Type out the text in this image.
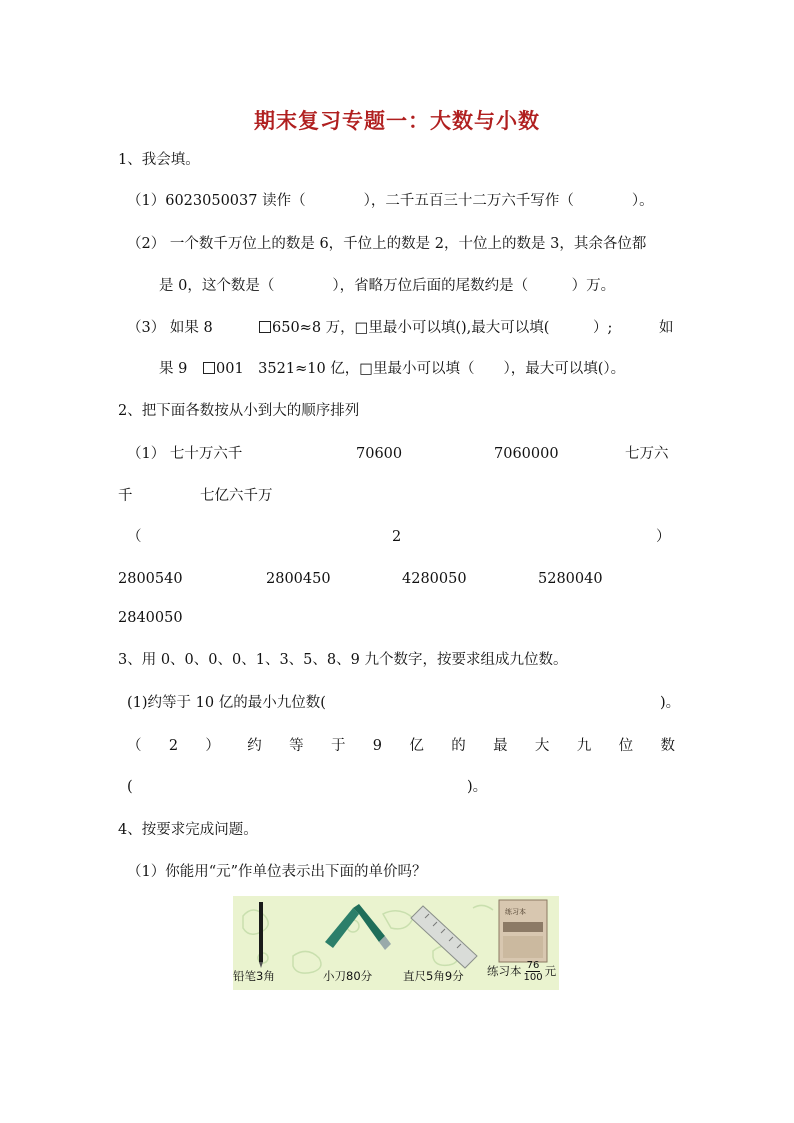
期末复习专题一：大数与小数
1、我会填。
（1）6023050037 读作（　　　　），二千五百三十二万六千写作（　　　　）。
（2） 一个数千万位上的数是 6，千位上的数是 2，十位上的数是 3，其余各位都
是 0，这个数是（　　　　），省略万位后面的尾数约是（　　　）万。
（3） 如果 8	650≈8 万，□里最小可以填(),最大可以填(　　　）;	如
果 9	001　3521≈10 亿，□里最小可以填（　　），最大可以填(）。
2、把下面各数按从小到大的顺序排列
（1） 七十万六千	70600	7060000	七万六
千	七亿六千万
（	2	）
2800540	2800450	4280050	5280040
2840050
3、用 0、0、0、0、1、3、5、8、9 九个数字，按要求组成九位数。
(1)约等于 10 亿的最小九位数(	)。
（ 2 ） 约 等 于 9 亿 的 最 大 九 位 数
(	)。
4、按要求完成问题。
（1）你能用“元”作单位表示出下面的单价吗？
练习本
铅笔3角	小刀80分	直尺5角9分 练习本 $\frac{76}{100}$ 元
